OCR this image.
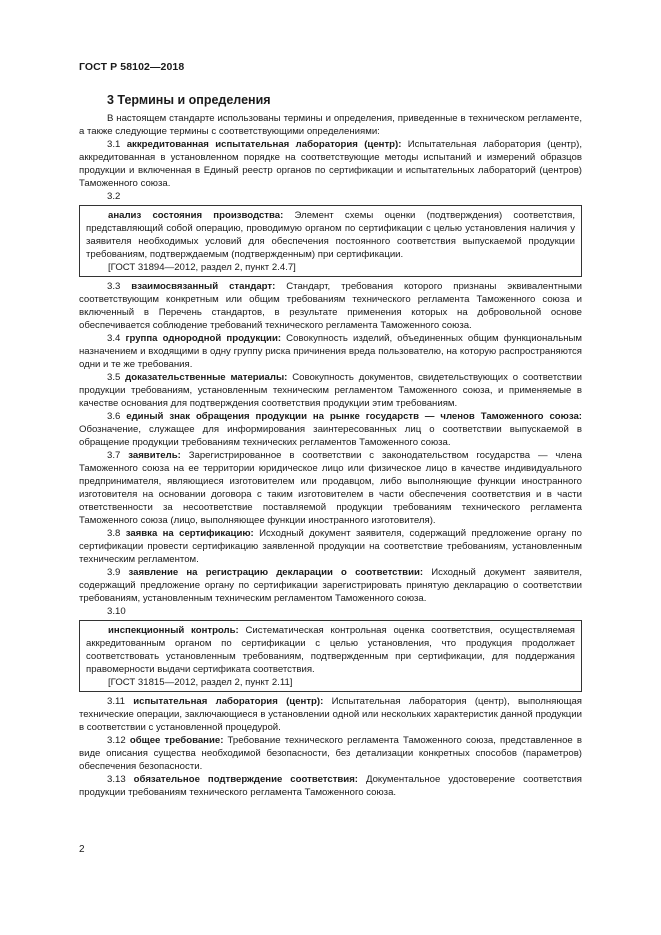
ГОСТ Р 58102—2018
3 Термины и определения

В настоящем стандарте использованы термины и определения, приведенные в техническом регламенте, а также следующие термины с соответствующими определениями:

3.1 аккредитованная испытательная лаборатория (центр): Испытательная лаборатория (центр), аккредитованная в установленном порядке на соответствующие методы испытаний и измерений образцов продукции и включенная в Единый реестр органов по сертификации и испытательных лабораторий (центров) Таможенного союза.

3.2

анализ состояния производства: Элемент схемы оценки (подтверждения) соответствия, представляющий собой операцию, проводимую органом по сертификации с целью установления наличия у заявителя необходимых условий для обеспечения постоянного соответствия выпускаемой продукции требованиям, подтверждаемым (подтвержденным) при сертификации.

[ГОСТ 31894—2012, раздел 2, пункт 2.4.7]

3.3 взаимосвязанный стандарт: Стандарт, требования которого признаны эквивалентными соответствующим конкретным или общим требованиям технического регламента Таможенного союза и включенный в Перечень стандартов, в результате применения которых на добровольной основе обеспечивается соблюдение требований технического регламента Таможенного союза.

3.4 группа однородной продукции: Совокупность изделий, объединенных общим функциональным назначением и входящими в одну группу риска причинения вреда пользователю, на которую распространяются одни и те же требования.

3.5 доказательственные материалы: Совокупность документов, свидетельствующих о соответствии продукции требованиям, установленным техническим регламентом Таможенного союза, и применяемые в качестве основания для подтверждения соответствия продукции этим требованиям.

3.6 единый знак обращения продукции на рынке государств — членов Таможенного союза: Обозначение, служащее для информирования заинтересованных лиц о соответствии выпускаемой в обращение продукции требованиям технических регламентов Таможенного союза.

3.7 заявитель: Зарегистрированное в соответствии с законодательством государства — члена Таможенного союза на ее территории юридическое лицо или физическое лицо в качестве индивидуального предпринимателя, являющиеся изготовителем или продавцом, либо выполняющие функции иностранного изготовителя на основании договора с таким изготовителем в части обеспечения соответствия и в части ответственности за несоответствие поставляемой продукции требованиям технического регламента Таможенного союза (лицо, выполняющее функции иностранного изготовителя).

3.8 заявка на сертификацию: Исходный документ заявителя, содержащий предложение органу по сертификации провести сертификацию заявленной продукции на соответствие требованиям, установленным техническим регламентом.

3.9 заявление на регистрацию декларации о соответствии: Исходный документ заявителя, содержащий предложение органу по сертификации зарегистрировать принятую декларацию о соответствии требованиям, установленным техническим регламентом Таможенного союза.

3.10

инспекционный контроль: Систематическая контрольная оценка соответствия, осуществляемая аккредитованным органом по сертификации с целью установления, что продукция продолжает соответствовать установленным требованиям, подтвержденным при сертификации, для поддержания правомерности выдачи сертификата соответствия.

[ГОСТ 31815—2012, раздел 2, пункт 2.11]

3.11 испытательная лаборатория (центр): Испытательная лаборатория (центр), выполняющая технические операции, заключающиеся в установлении одной или нескольких характеристик данной продукции в соответствии с установленной процедурой.

3.12 общее требование: Требование технического регламента Таможенного союза, представленное в виде описания существа необходимой безопасности, без детализации конкретных способов (параметров) обеспечения безопасности.

3.13 обязательное подтверждение соответствия: Документальное удостоверение соответствия продукции требованиям технического регламента Таможенного союза.

2
